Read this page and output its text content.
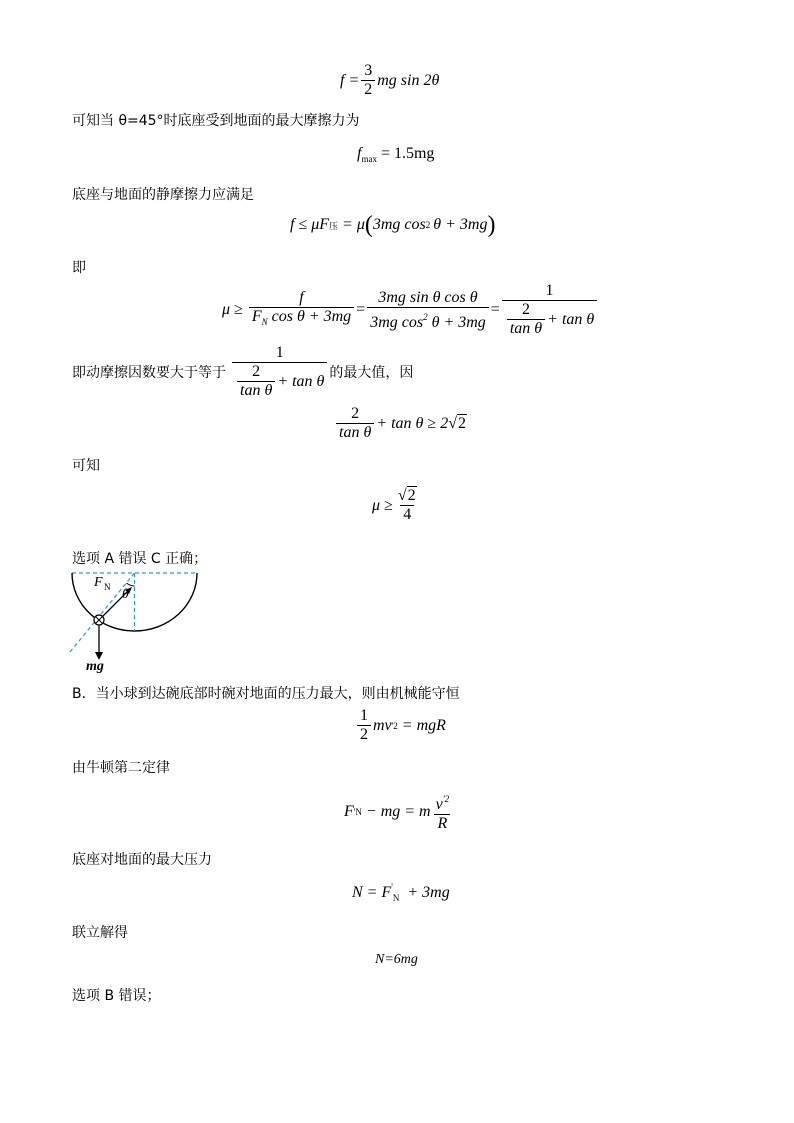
$f = \frac{3}{2}$ mg sin 2θ
可知当 θ=45°时底座受到地面的最大摩擦力为
$f_{max} = 1.5mg$
底座与地面的静摩擦力应满足
f ≤ μF 压 = μ ( 3mg cos 2 θ + 3mg )
即
$\mu \ge \frac{f}{F_N \cos \theta + 3mg} = \frac{\text{3mg sin θ cos θ}}{3mg \cos^2 \theta + 3mg} = \frac{1}{\frac{2}{\text{tan θ}} + \tan \theta}$
即动摩擦因数要大于等于 $\frac{1}{\frac{2}{\text{tan θ}} + \tan \theta}$ 的最大值，因
$\frac{2}{\text{tan θ}} + \tan \theta \ge 2$ √ 2
可知
$\mu \ge \frac{√2}{4}$
选项 A 错误 C 正确；
F N θ
mg
B．当小球到达碗底部时碗对地面的压力最大，则由机械能守恒
$\frac{1}{2}$ mv '2 = mgR
由牛顿第二定律
F ' N − mg = m $\frac{v^{'2}}{R}$
底座对地面的最大压力
$N = F'_N + 3mg$
联立解得
N=6mg
选项 B 错误；
